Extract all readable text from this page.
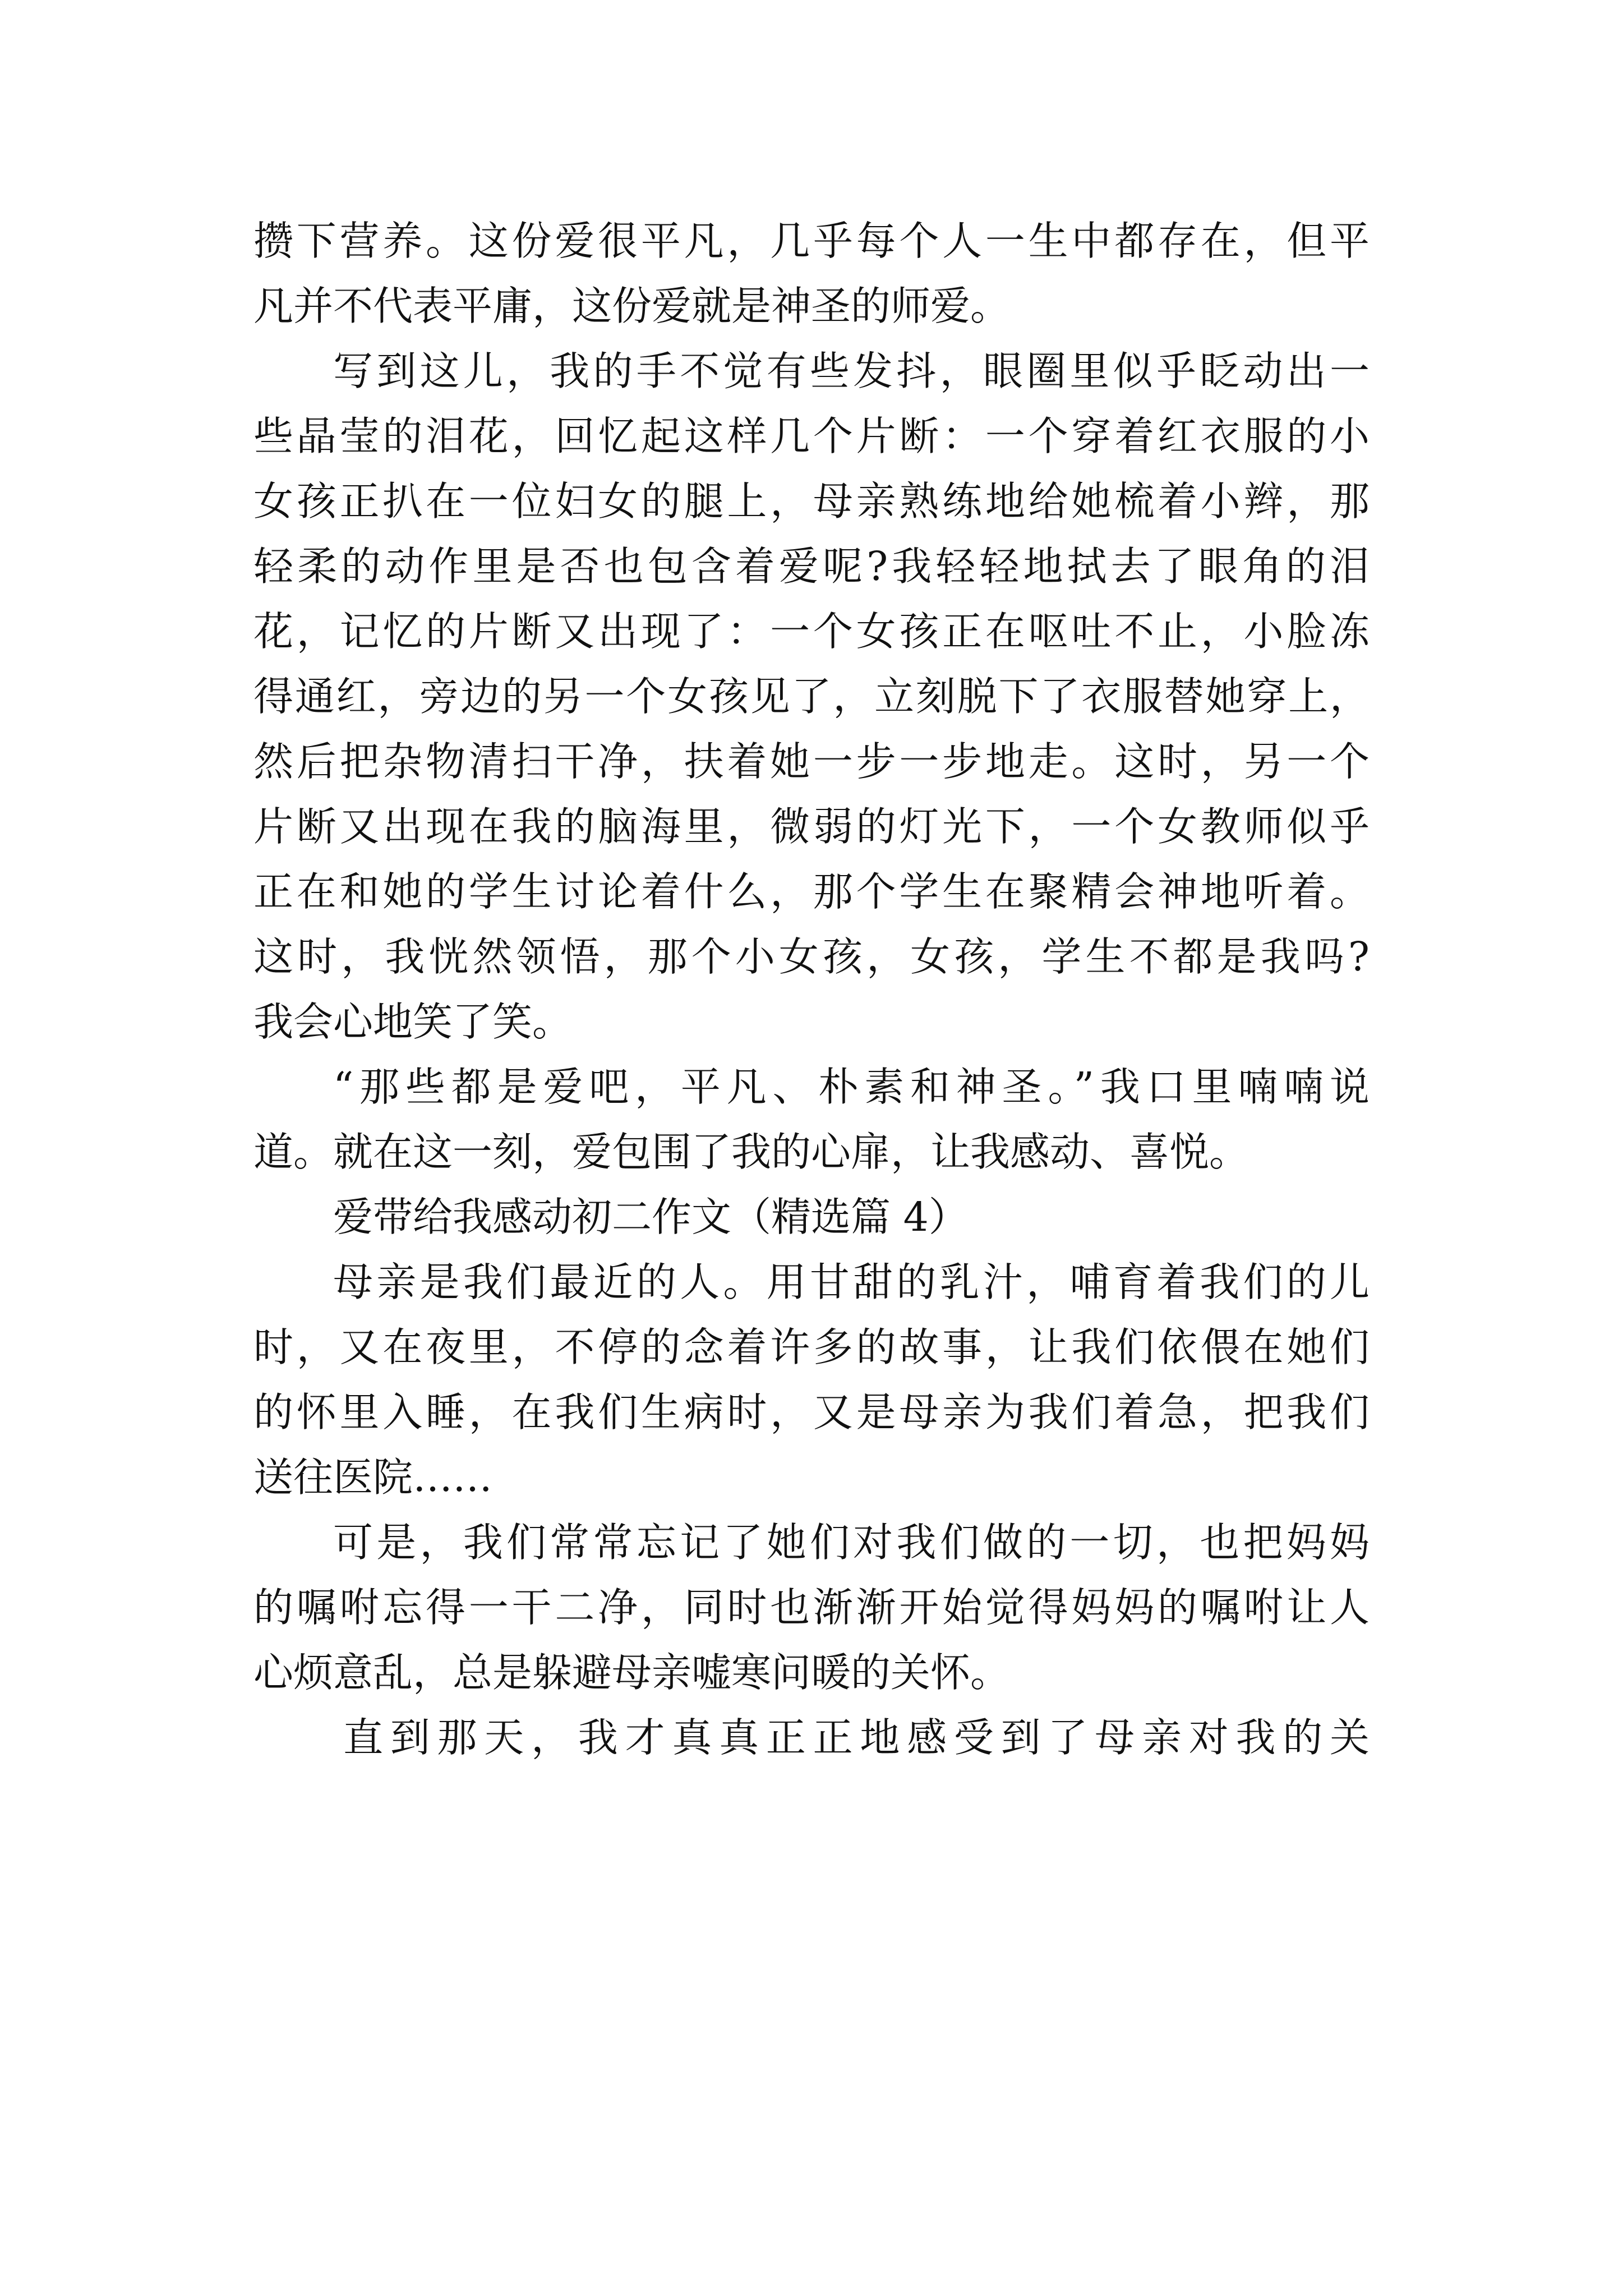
攒下营养。这份爱很平凡，几乎每个人一生中都存在，但平
凡并不代表平庸，这份爱就是神圣的师爱。
写到这儿，我的手不觉有些发抖，眼圈里似乎眨动出一
些晶莹的泪花，回忆起这样几个片断：一个穿着红衣服的小
女孩正扒在一位妇女的腿上，母亲熟练地给她梳着小辫，那
轻柔的动作里是否也包含着爱呢?我轻轻地拭去了眼角的泪
花，记忆的片断又出现了：一个女孩正在呕吐不止，小脸冻
得通红，旁边的另一个女孩见了，立刻脱下了衣服替她穿上，
然后把杂物清扫干净，扶着她一步一步地走。这时，另一个
片断又出现在我的脑海里，微弱的灯光下，一个女教师似乎
正在和她的学生讨论着什么，那个学生在聚精会神地听着。
这时，我恍然领悟，那个小女孩，女孩，学生不都是我吗?
我会心地笑了笑。
“那些都是爱吧，平凡、朴素和神圣。”我口里喃喃说
道。就在这一刻，爱包围了我的心扉，让我感动、喜悦。
爱带给我感动初二作文（精选篇 4）
母亲是我们最近的人。用甘甜的乳汁，哺育着我们的儿
时，又在夜里，不停的念着许多的故事，让我们依偎在她们
的怀里入睡，在我们生病时，又是母亲为我们着急，把我们
送往医院……
可是，我们常常忘记了她们对我们做的一切，也把妈妈
的嘱咐忘得一干二净，同时也渐渐开始觉得妈妈的嘱咐让人
心烦意乱，总是躲避母亲嘘寒问暖的关怀。
直到那天，我才真真正正地感受到了母亲对我的关
